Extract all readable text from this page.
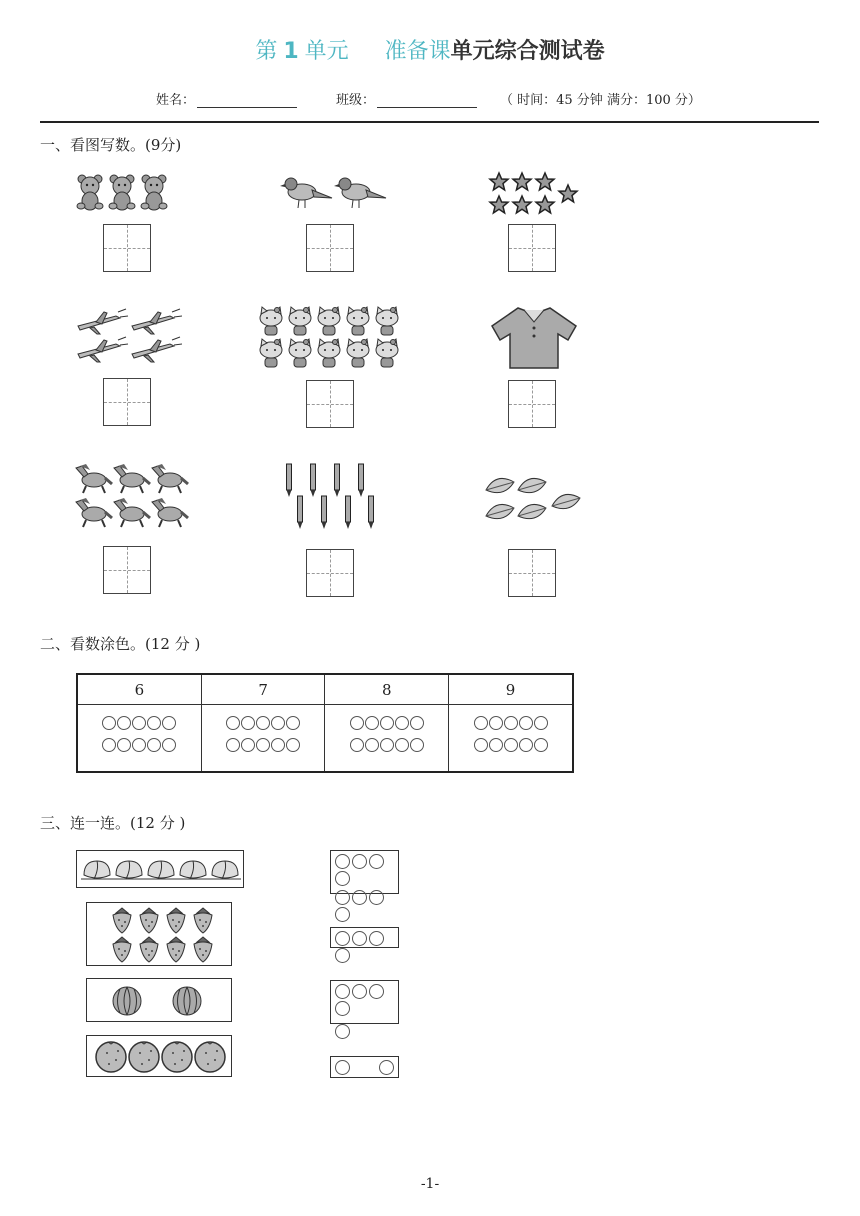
第 1 单元 准备课单元综合测试卷
姓名：	班级：	（ 时间：45 分钟 满分：100 分）
一、看图写数。(9分)
二、看数涂色。(12 分 )
6	7	8	9

三、连一连。(12 分 )
-1-
